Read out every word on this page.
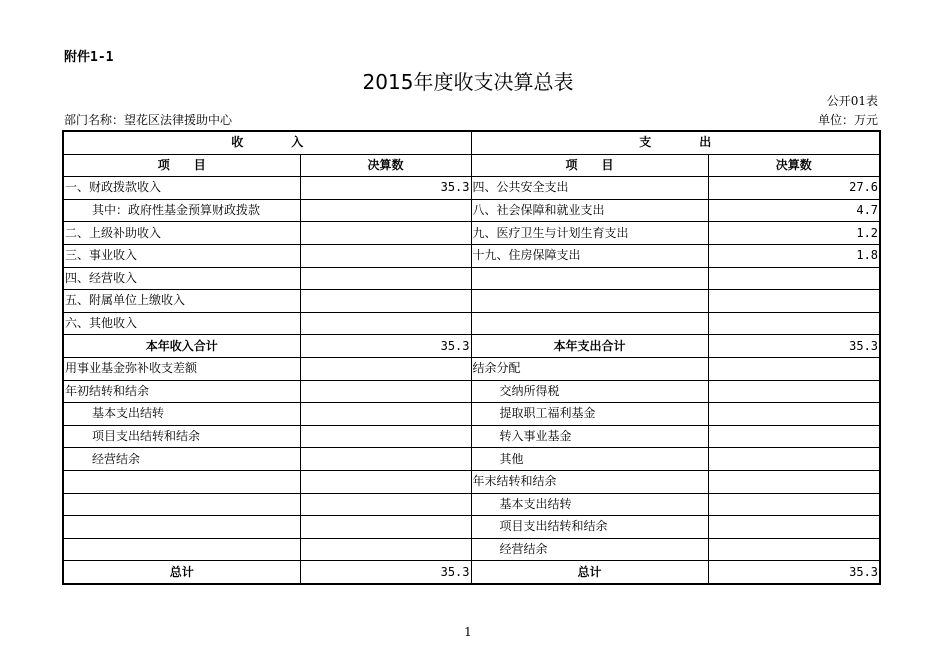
附件1-1
2015年度收支决算总表
公开01表
部门名称：望花区法律援助中心	单位：万元
收　　　　入		支　　　　出	
项　　目	决算数	项　　目	决算数
一、财政拨款收入	35.3	四、公共安全支出	27.6
其中：政府性基金预算财政拨款		八、社会保障和就业支出	4.7
二、上级补助收入		九、医疗卫生与计划生育支出	1.2
三、事业收入		十九、住房保障支出	1.8
四、经营收入			
五、附属单位上缴收入			
六、其他收入			
本年收入合计	35.3	本年支出合计	35.3
用事业基金弥补收支差额		结余分配	
年初结转和结余		交纳所得税	
基本支出结转		提取职工福利基金	
项目支出结转和结余		转入事业基金	
经营结余		其他	
		年末结转和结余	
		基本支出结转	
		项目支出结转和结余	
		经营结余	
总计	35.3	总计	35.3
1
